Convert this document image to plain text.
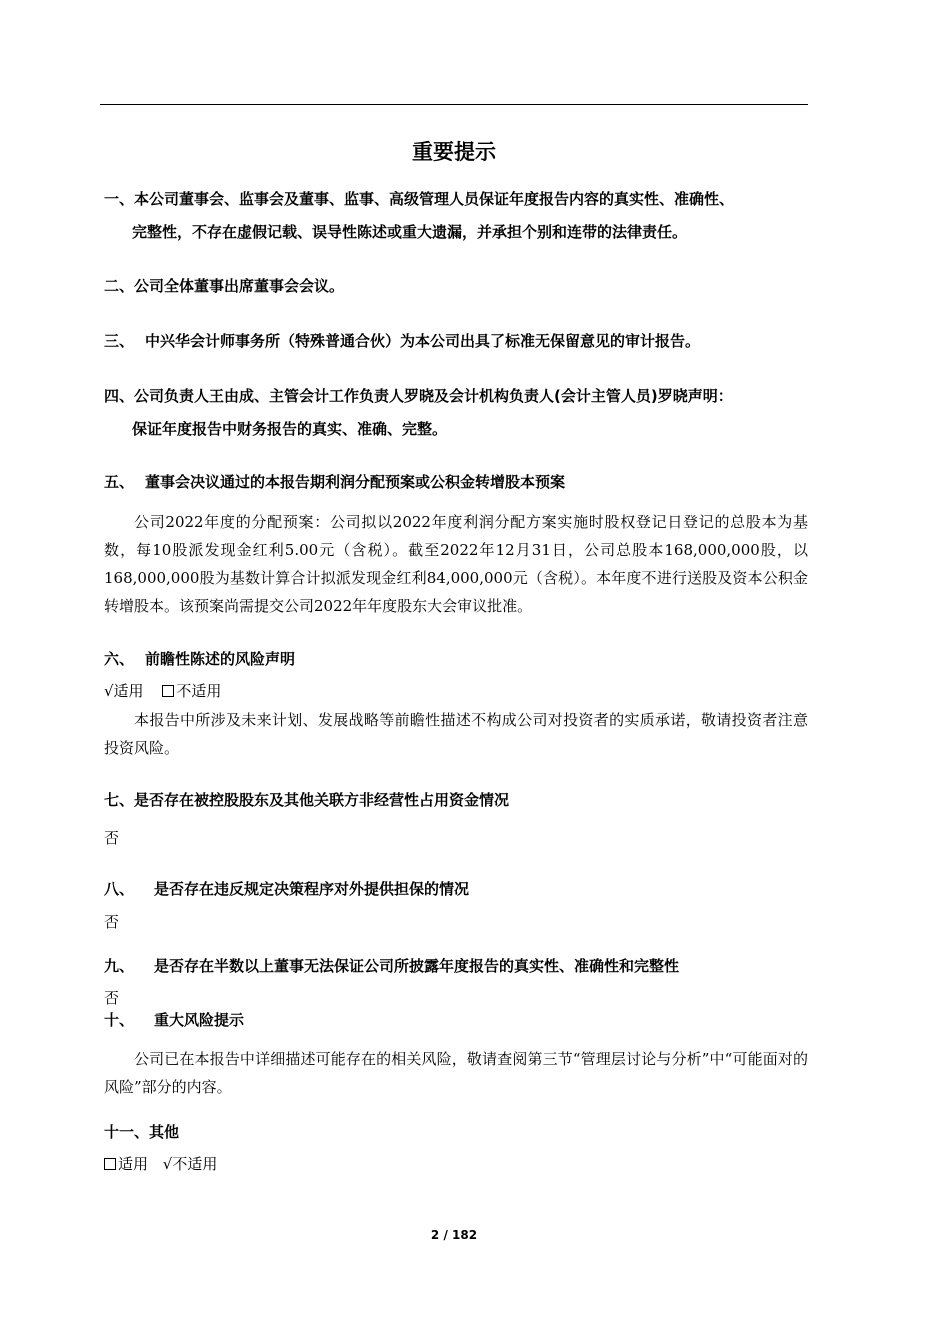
重要提示
一、本公司董事会、监事会及董事、监事、高级管理人员保证年度报告内容的真实性、准确性、
完整性，不存在虚假记载、误导性陈述或重大遗漏，并承担个别和连带的法律责任。
二、公司全体董事出席董事会会议。
三、 中兴华会计师事务所（特殊普通合伙）为本公司出具了标准无保留意见的审计报告。
四、公司负责人王由成、主管会计工作负责人罗晓及会计机构负责人(会计主管人员)罗晓声明：
保证年度报告中财务报告的真实、准确、完整。
五、 董事会决议通过的本报告期利润分配预案或公积金转增股本预案
公司2022年度的分配预案：公司拟以2022年度利润分配方案实施时股权登记日登记的总股本为基数，每10股派发现金红利5.00元（含税）。截至2022年12月31日，公司总股本168,000,000股，以168,000,000股为基数计算合计拟派发现金红利84,000,000元（含税）。本年度不进行送股及资本公积金转增股本。该预案尚需提交公司2022年年度股东大会审议批准。
六、 前瞻性陈述的风险声明
√适用 不适用
本报告中所涉及未来计划、发展战略等前瞻性描述不构成公司对投资者的实质承诺，敬请投资者注意投资风险。
七、是否存在被控股股东及其他关联方非经营性占用资金情况
否
八、 是否存在违反规定决策程序对外提供担保的情况
否
九、 是否存在半数以上董事无法保证公司所披露年度报告的真实性、准确性和完整性
否
十、 重大风险提示
公司已在本报告中详细描述可能存在的相关风险，敬请查阅第三节“管理层讨论与分析”中“可能面对的风险”部分的内容。
十一、其他
适用 √不适用
2 / 182
